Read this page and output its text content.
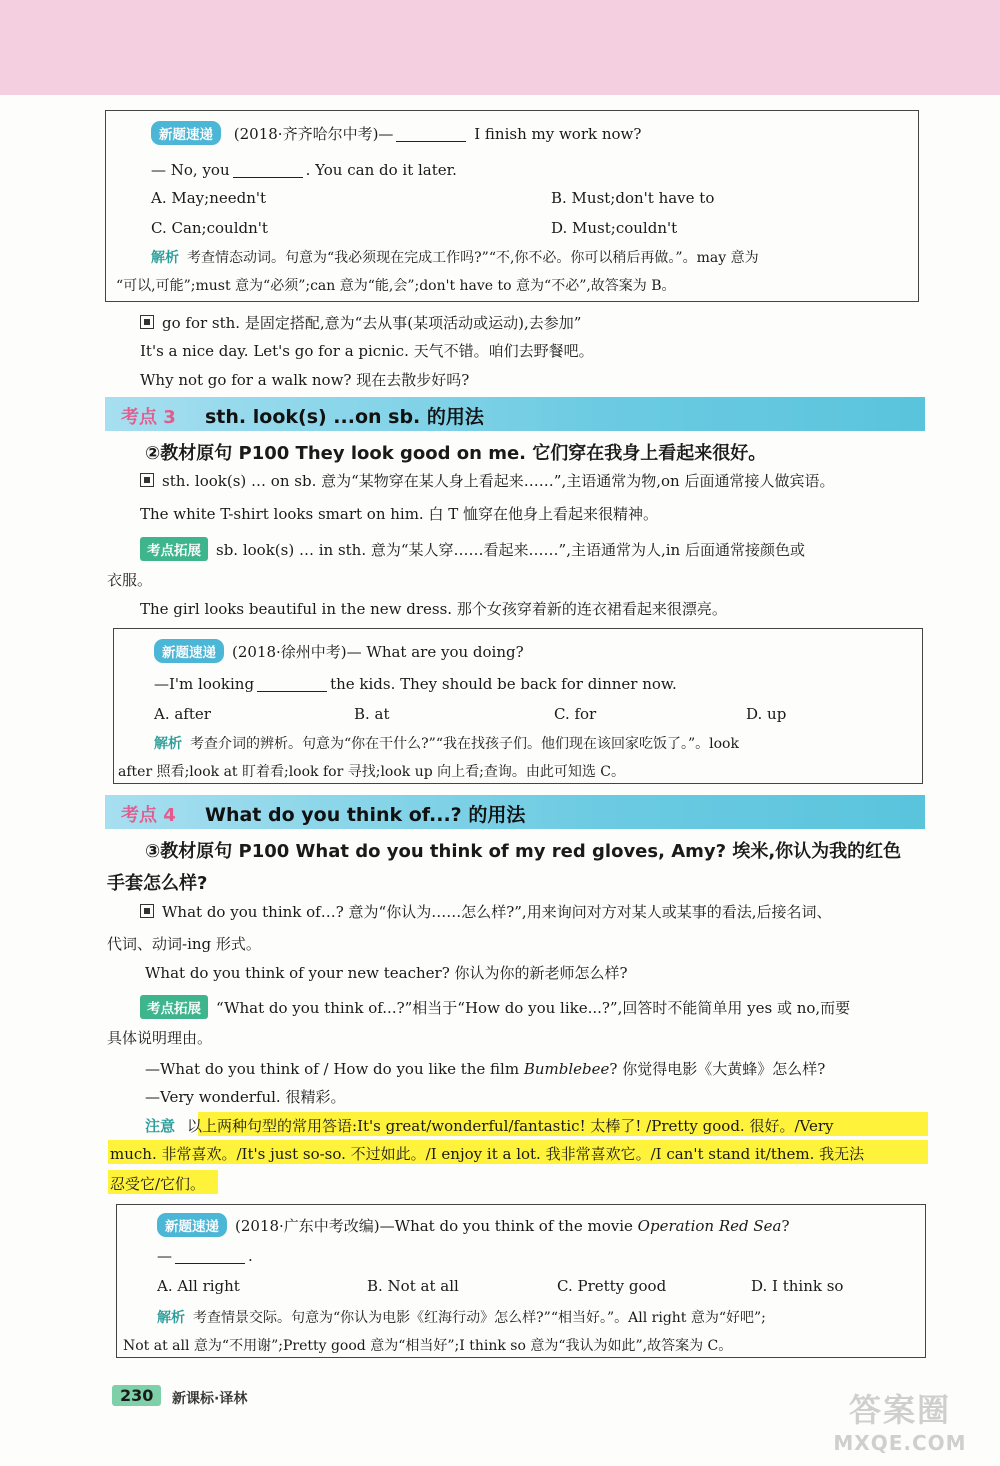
新题速递 (2018·齐齐哈尔中考)—	I finish my work now?
— No, you	. You can do it later.
A. May;needn't	B. Must;don't have to
C. Can;couldn't	D. Must;couldn't
解析 考查情态动词。句意为“我必须现在完成工作吗?”“不,你不必。你可以稍后再做。”。may 意为
“可以,可能”;must 意为“必须”;can 意为“能,会”;don't have to 意为“不必”,故答案为 B。
go for sth. 是固定搭配,意为“去从事(某项活动或运动),去参加”
It's a nice day. Let's go for a picnic. 天气不错。咱们去野餐吧。
Why not go for a walk now? 现在去散步好吗?
考点 3 sth. look(s) ...on sb. 的用法
②教材原句 P100 They look good on me. 它们穿在我身上看起来很好。
sth. look(s) … on sb. 意为“某物穿在某人身上看起来……”,主语通常为物,on 后面通常接人做宾语。
The white T-shirt looks smart on him. 白 T 恤穿在他身上看起来很精神。
考点拓展 sb. look(s) … in sth. 意为“某人穿……看起来……”,主语通常为人,in 后面通常接颜色或
衣服。
The girl looks beautiful in the new dress. 那个女孩穿着新的连衣裙看起来很漂亮。
新题速递 (2018·徐州中考)— What are you doing?
—I'm looking	the kids. They should be back for dinner now.
A. after	B. at	C. for	D. up
解析 考查介词的辨析。句意为“你在干什么?”“我在找孩子们。他们现在该回家吃饭了。”。look
after 照看;look at 盯着看;look for 寻找;look up 向上看;查询。由此可知选 C。
考点 4 What do you think of...? 的用法
③教材原句 P100 What do you think of my red gloves, Amy? 埃米,你认为我的红色
手套怎么样?
What do you think of…? 意为“你认为……怎么样?”,用来询问对方对某人或某事的看法,后接名词、
代词、动词-ing 形式。
What do you think of your new teacher? 你认为你的新老师怎么样?
考点拓展 “What do you think of...?”相当于“How do you like...?”,回答时不能简单用 yes 或 no,而要
具体说明理由。
—What do you think of / How do you like the film Bumblebee? 你觉得电影《大黄蜂》怎么样?
—Very wonderful. 很精彩。
注意 以上两种句型的常用答语:It's great/wonderful/fantastic! 太棒了! /Pretty good. 很好。/Very
much. 非常喜欢。/It's just so-so. 不过如此。/I enjoy it a lot. 我非常喜欢它。/I can't stand it/them. 我无法
忍受它/它们。
新题速递 (2018·广东中考改编)—What do you think of the movie Operation Red Sea?
—	.
A. All right	B. Not at all	C. Pretty good	D. I think so
解析 考查情景交际。句意为“你认为电影《红海行动》怎么样?”“相当好。”。All right 意为“好吧”;
Not at all 意为“不用谢”;Pretty good 意为“相当好”;I think so 意为“我认为如此”,故答案为 C。
230	新课标·译林	答案圈
MXQE.COM
